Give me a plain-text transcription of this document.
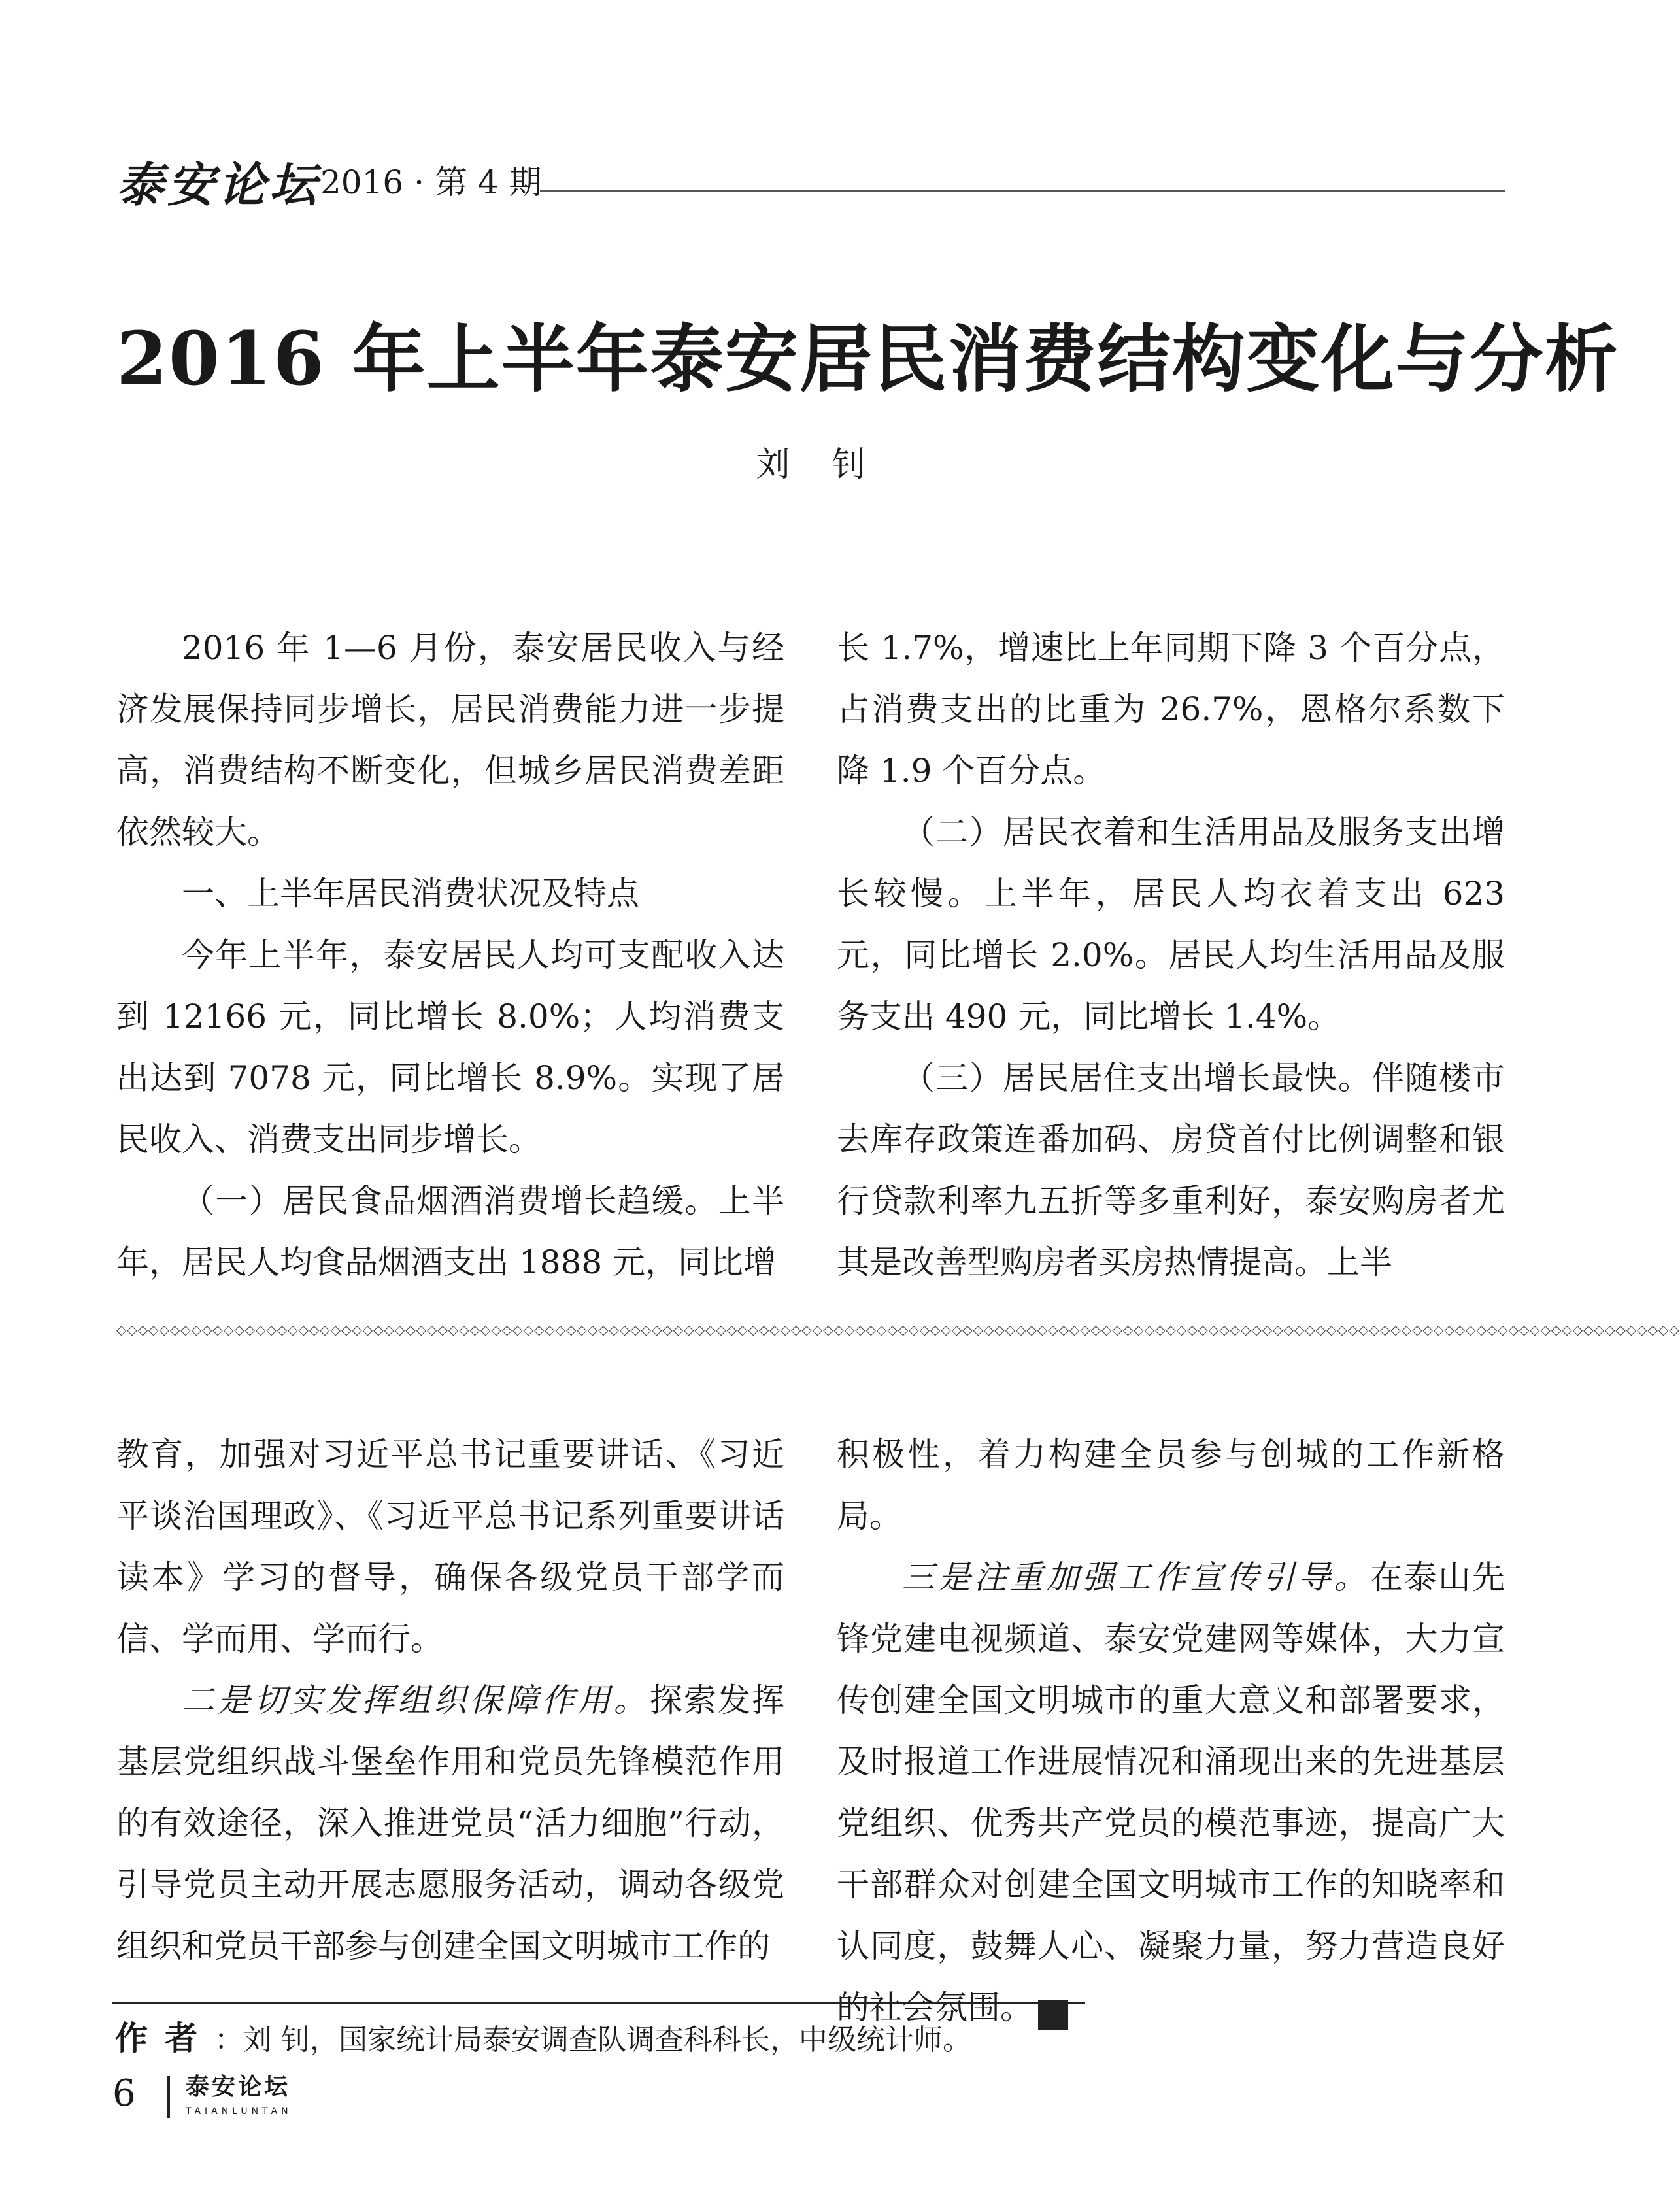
泰安论坛 2016 · 第 4 期
2016 年上半年泰安居民消费结构变化与分析
刘钊

2016 年 1—6 月份，泰安居民收入与经济发展保持同步增长，居民消费能力进一步提高，消费结构不断变化，但城乡居民消费差距依然较大。

一、上半年居民消费状况及特点

今年上半年，泰安居民人均可支配收入达到 12166 元，同比增长 8.0%；人均消费支出达到 7078 元，同比增长 8.9%。实现了居民收入、消费支出同步增长。

（一）居民食品烟酒消费增长趋缓。上半年，居民人均食品烟酒支出 1888 元，同比增

长 1.7%，增速比上年同期下降 3 个百分点，占消费支出的比重为 26.7%，恩格尔系数下降 1.9 个百分点。

（二）居民衣着和生活用品及服务支出增长较慢。上半年，居民人均衣着支出 623 元，同比增长 2.0%。居民人均生活用品及服务支出 490 元，同比增长 1.4%。

（三）居民居住支出增长最快。伴随楼市去库存政策连番加码、房贷首付比例调整和银行贷款利率九五折等多重利好，泰安购房者尤其是改善型购房者买房热情提高。上半

◇◇◇◇◇◇◇◇◇◇◇◇◇◇◇◇◇◇◇◇◇◇◇◇◇◇◇◇◇◇◇◇◇◇◇◇◇◇◇◇◇◇◇◇◇◇◇◇◇◇◇◇◇◇◇◇◇◇◇◇◇◇◇◇◇◇◇◇◇◇◇◇◇◇◇◇◇◇◇◇◇◇◇◇◇◇◇◇◇◇◇◇◇◇◇◇◇◇◇◇◇◇◇◇◇◇◇◇◇◇◇◇◇◇◇◇◇◇◇◇◇◇◇◇◇◇◇◇◇◇◇◇◇◇◇◇◇◇◇◇◇◇◇◇◇◇

教育，加强对习近平总书记重要讲话、《习近平谈治国理政》、《习近平总书记系列重要讲话读本》学习的督导，确保各级党员干部学而信、学而用、学而行。

二是切实发挥组织保障作用。探索发挥基层党组织战斗堡垒作用和党员先锋模范作用的有效途径，深入推进党员“活力细胞”行动，引导党员主动开展志愿服务活动，调动各级党组织和党员干部参与创建全国文明城市工作的

积极性，着力构建全员参与创城的工作新格局。

三是注重加强工作宣传引导。在泰山先锋党建电视频道、泰安党建网等媒体，大力宣传创建全国文明城市的重大意义和部署要求，及时报道工作进展情况和涌现出来的先进基层党组织、优秀共产党员的模范事迹，提高广大干部群众对创建全国文明城市工作的知晓率和认同度，鼓舞人心、凝聚力量，努力营造良好的社会氛围。	泰

作者：刘 钊，国家统计局泰安调查队调查科科长，中级统计师。
6 泰安论坛
TAIANLUNTAN
